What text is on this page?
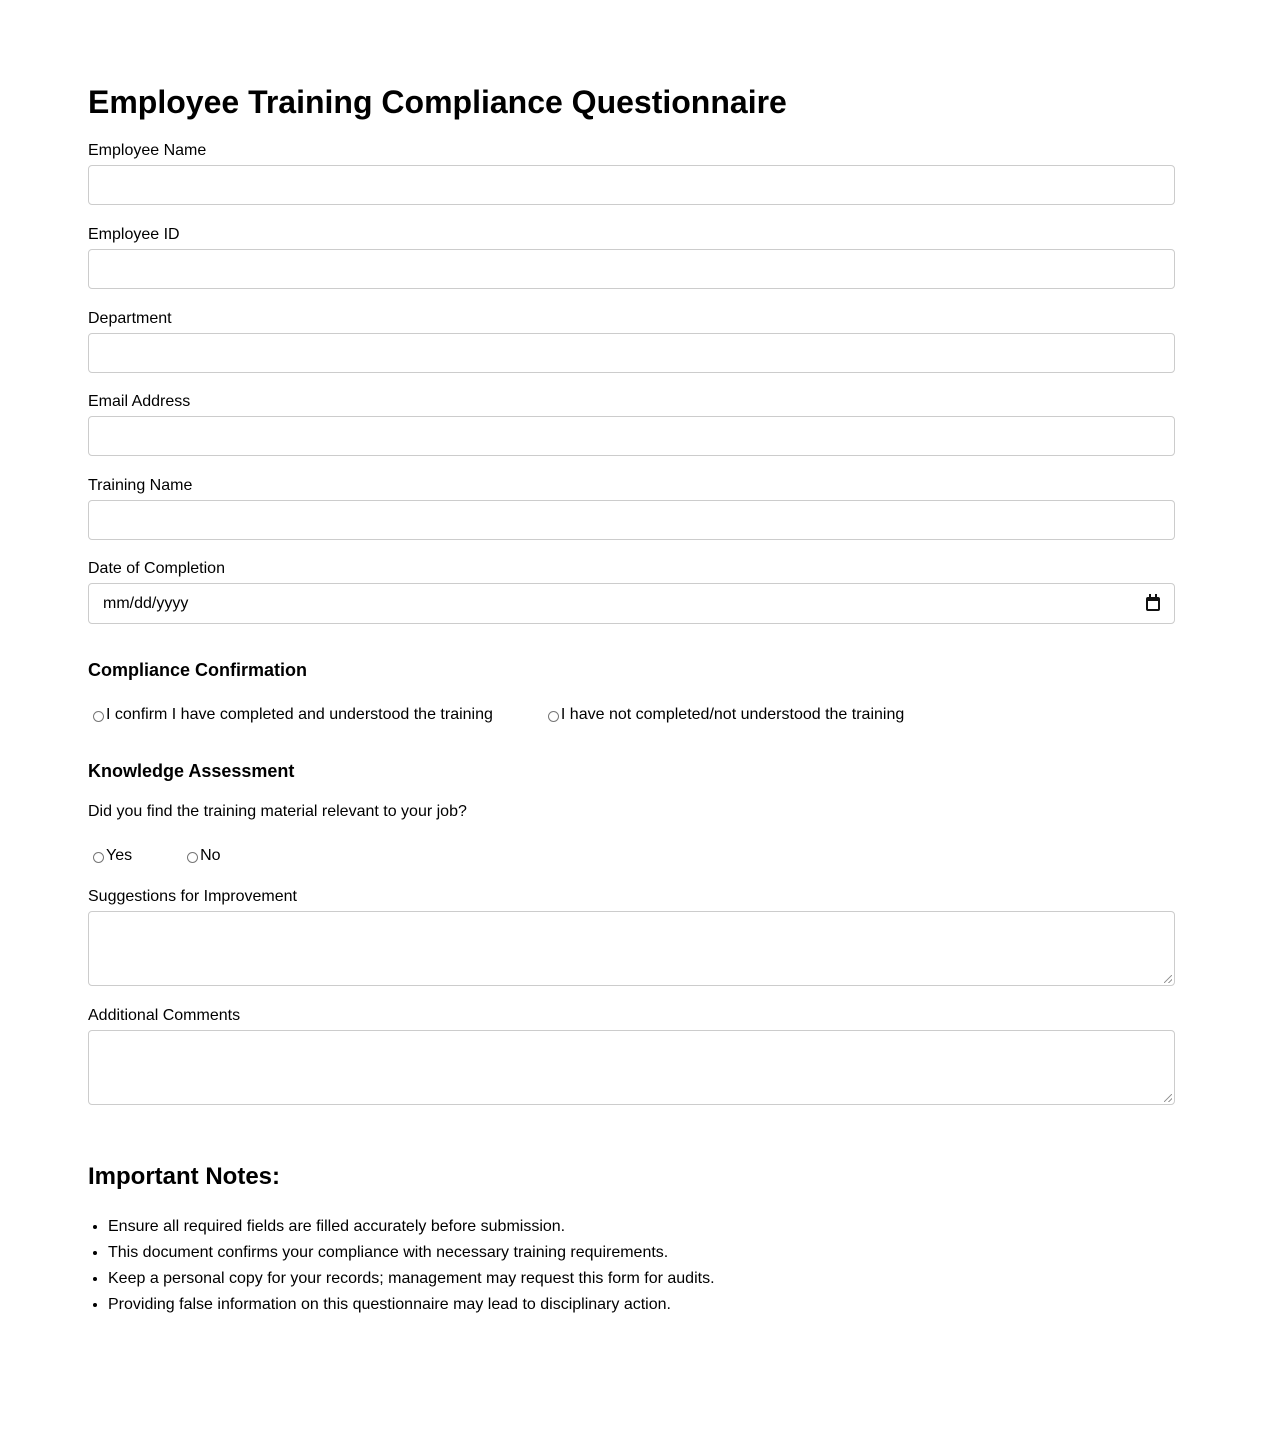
Employee Training Compliance Questionnaire
Employee Name
Employee ID
Department
Email Address
Training Name
Date of Completion
mm/dd/yyyy
Compliance Confirmation
I confirm I have completed and understood the training	I have not completed/not understood the training
Knowledge Assessment
Did you find the training material relevant to your job?
Yes	No
Suggestions for Improvement
Additional Comments
Important Notes:
• Ensure all required fields are filled accurately before submission.
• This document confirms your compliance with necessary training requirements.
• Keep a personal copy for your records; management may request this form for audits.
• Providing false information on this questionnaire may lead to disciplinary action.
